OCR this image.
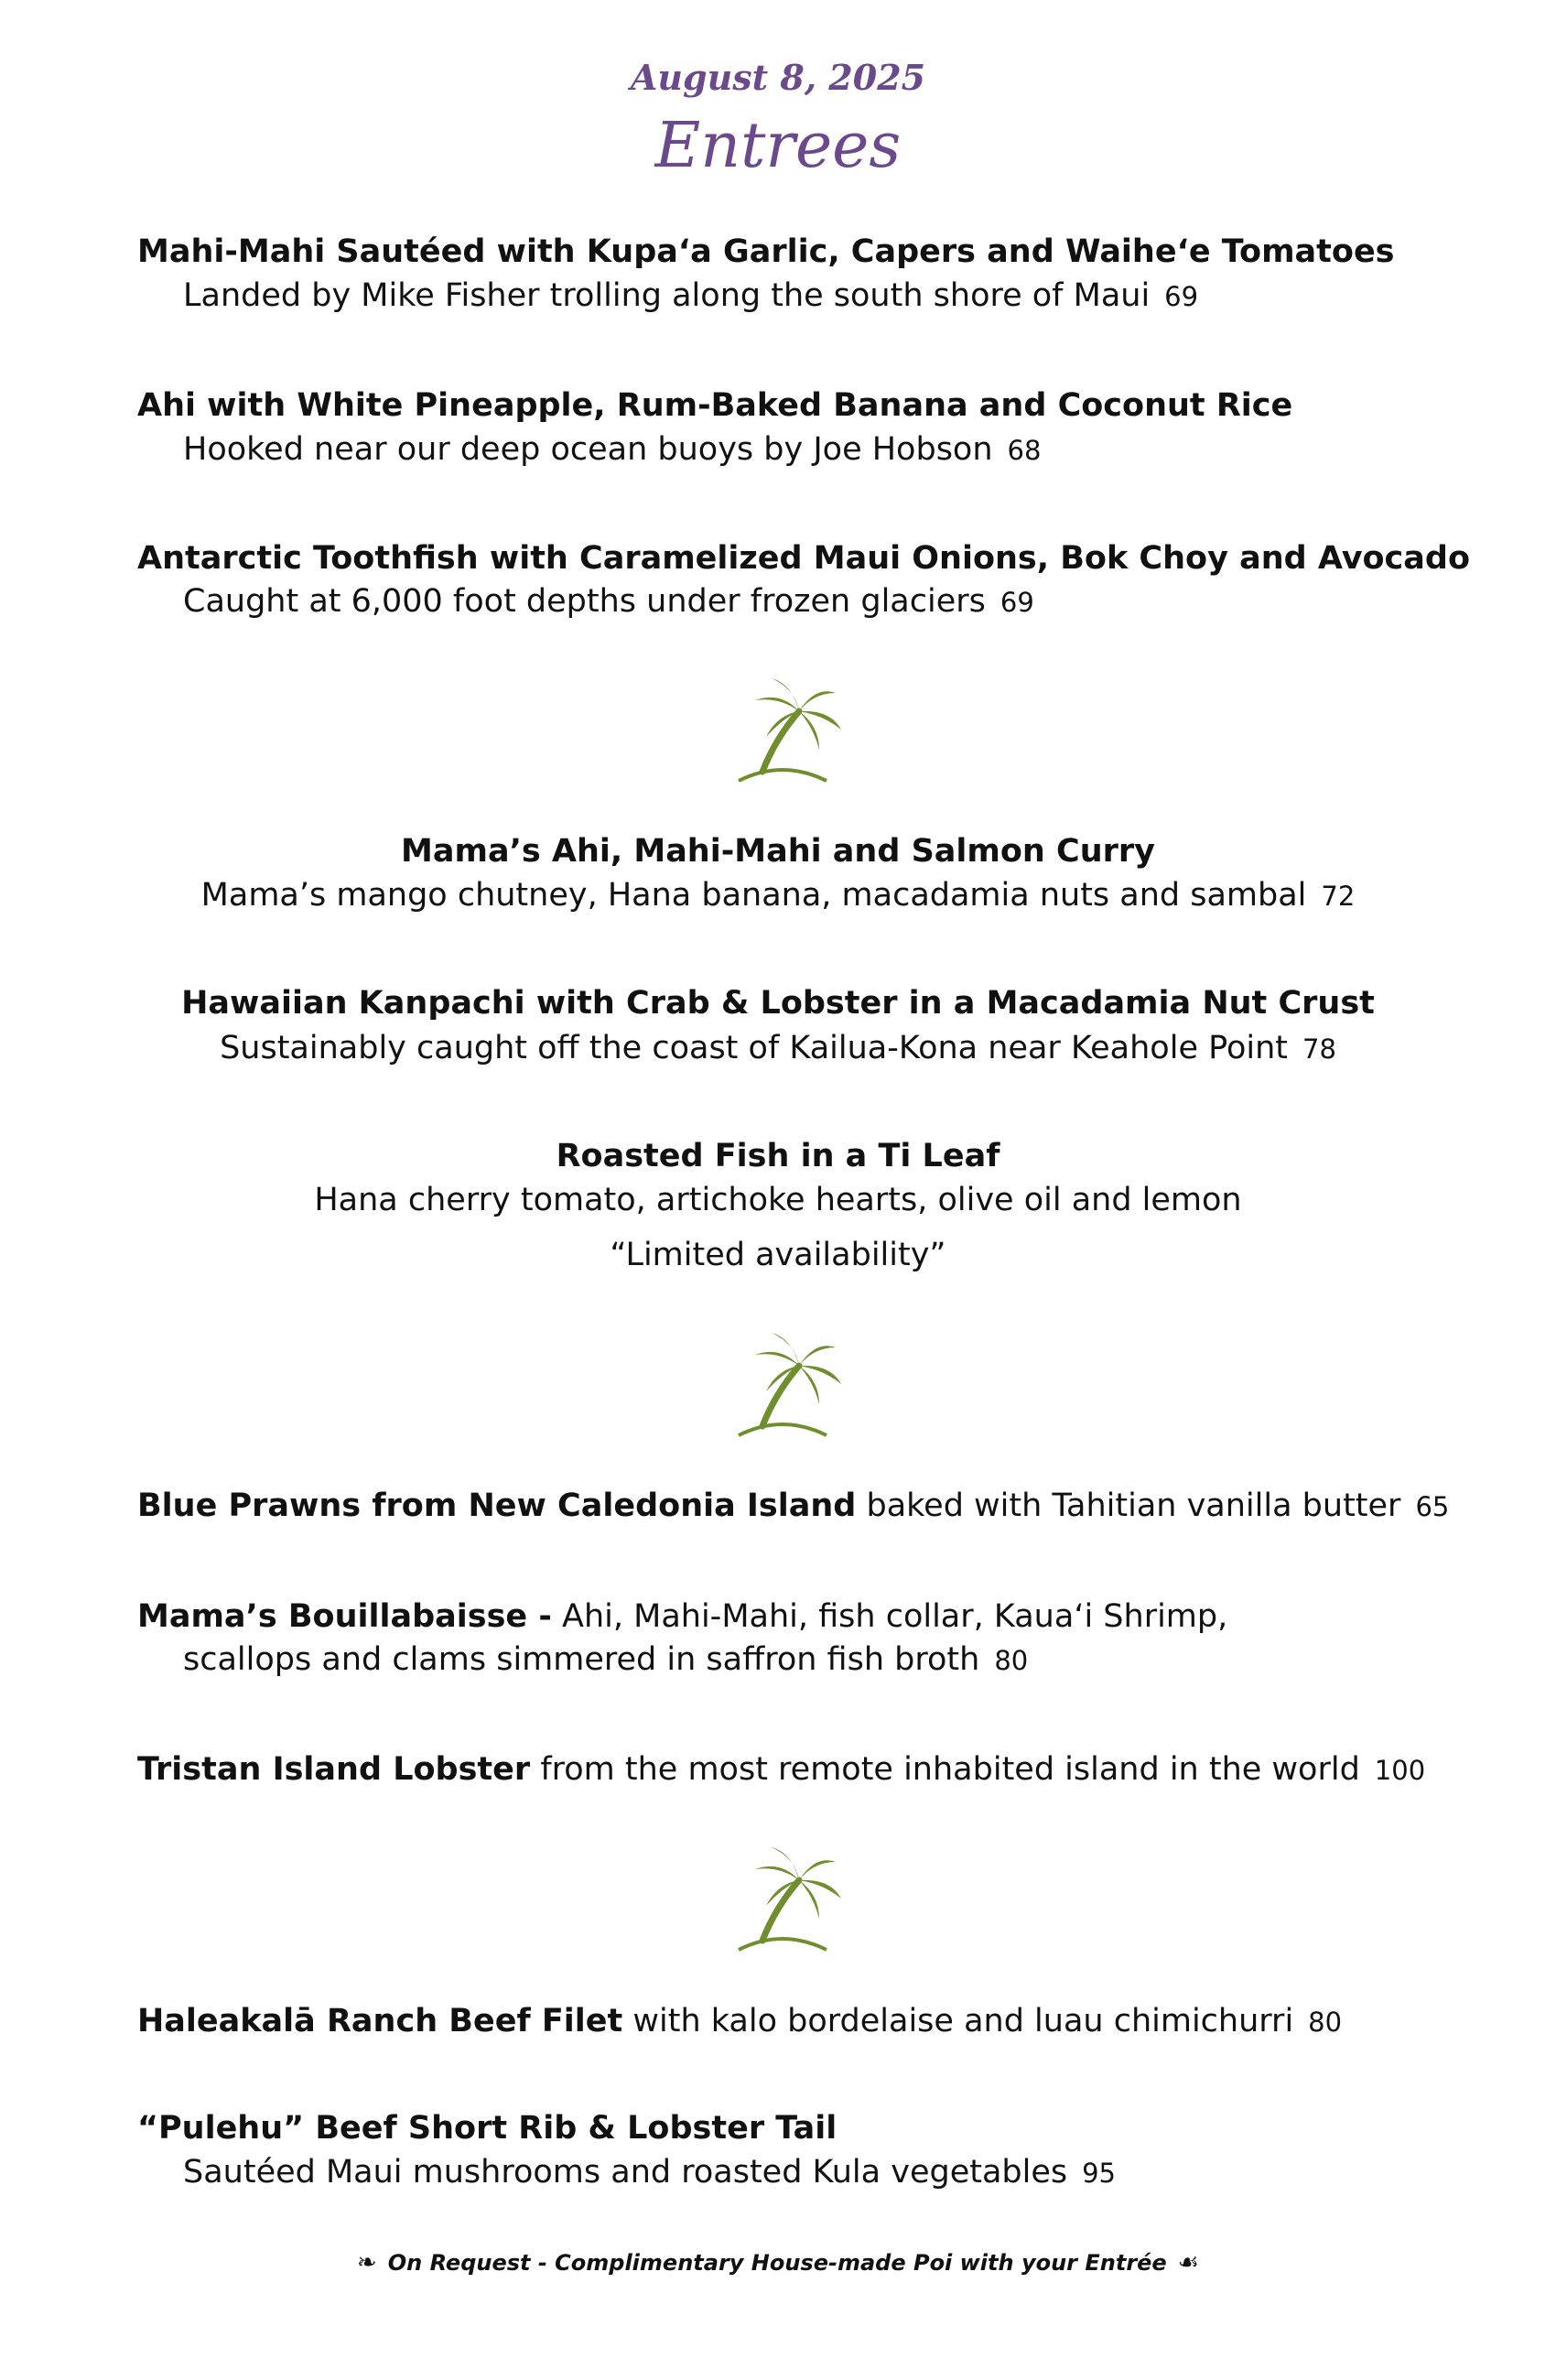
August 8, 2025
Entrees
Mahi-Mahi Sautéed with Kupa‘a Garlic, Capers and Waihe‘e Tomatoes
Landed by Mike Fisher trolling along the south shore of Maui 69
Ahi with White Pineapple, Rum-Baked Banana and Coconut Rice
Hooked near our deep ocean buoys by Joe Hobson 68
Antarctic Toothfish with Caramelized Maui Onions, Bok Choy and Avocado
Caught at 6,000 foot depths under frozen glaciers 69
Mama’s Ahi, Mahi-Mahi and Salmon Curry
Mama’s mango chutney, Hana banana, macadamia nuts and sambal 72
Hawaiian Kanpachi with Crab & Lobster in a Macadamia Nut Crust
Sustainably caught off the coast of Kailua-Kona near Keahole Point 78
Roasted Fish in a Ti Leaf
Hana cherry tomato, artichoke hearts, olive oil and lemon
“Limited availability”
Blue Prawns from New Caledonia Island baked with Tahitian vanilla butter 65
Mama’s Bouillabaisse - Ahi, Mahi-Mahi, fish collar, Kaua‘i Shrimp,
scallops and clams simmered in saffron fish broth 80
Tristan Island Lobster from the most remote inhabited island in the world 100
Haleakalā Ranch Beef Filet with kalo bordelaise and luau chimichurri 80
“Pulehu” Beef Short Rib & Lobster Tail
Sautéed Maui mushrooms and roasted Kula vegetables 95
❧ On Request - Complimentary House-made Poi with your Entrée ☙
